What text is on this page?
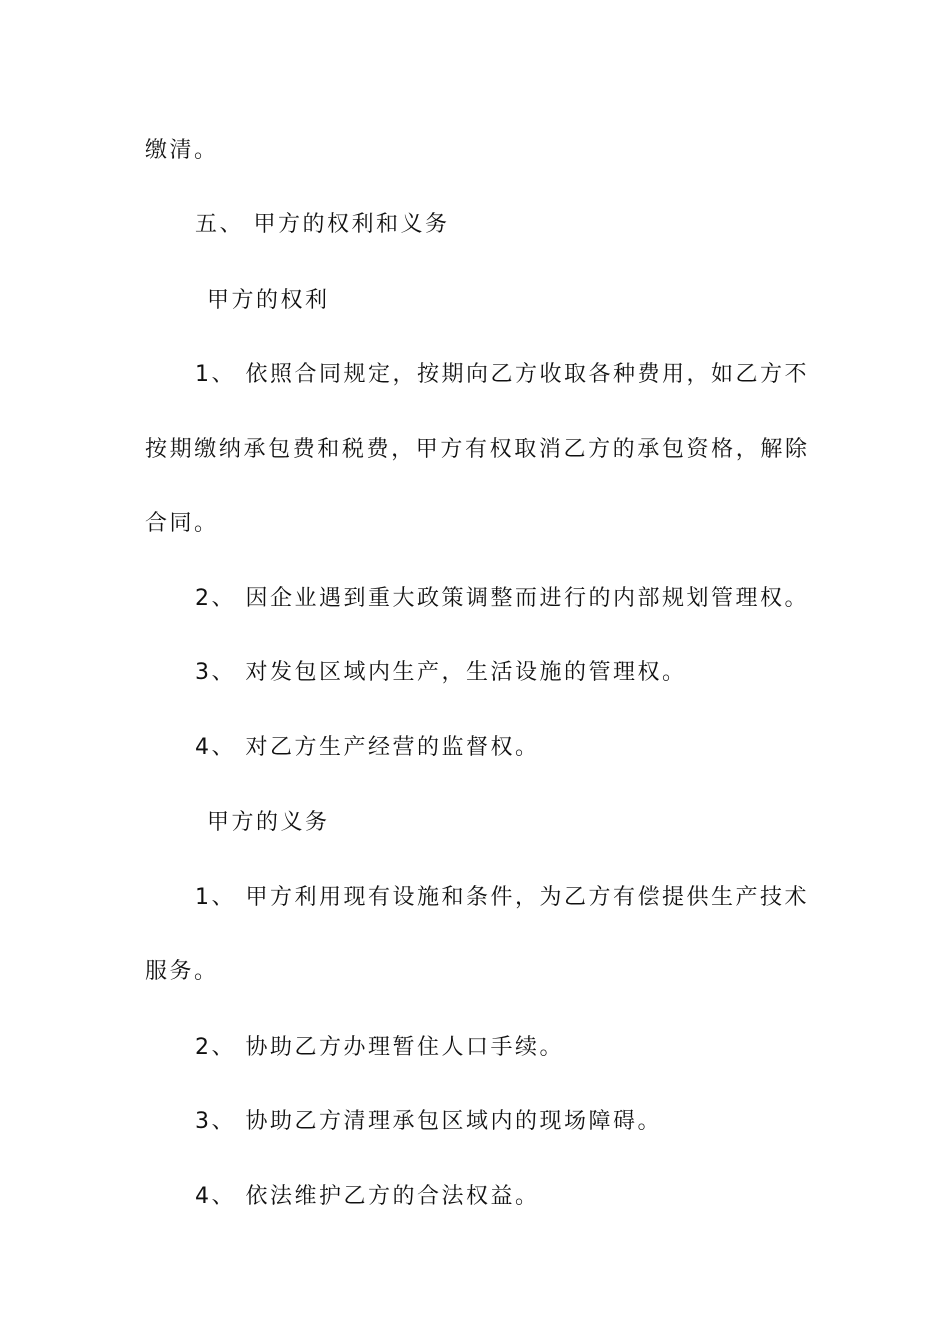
缴清。
五、 甲方的权利和义务
甲方的权利
1、 依照合同规定，按期向乙方收取各种费用，如乙方不
按期缴纳承包费和税费，甲方有权取消乙方的承包资格，解除
合同。
2、 因企业遇到重大政策调整而进行的内部规划管理权。
3、 对发包区域内生产，生活设施的管理权。
4、 对乙方生产经营的监督权。
甲方的义务
1、 甲方利用现有设施和条件，为乙方有偿提供生产技术
服务。
2、 协助乙方办理暂住人口手续。
3、 协助乙方清理承包区域内的现场障碍。
4、 依法维护乙方的合法权益。
